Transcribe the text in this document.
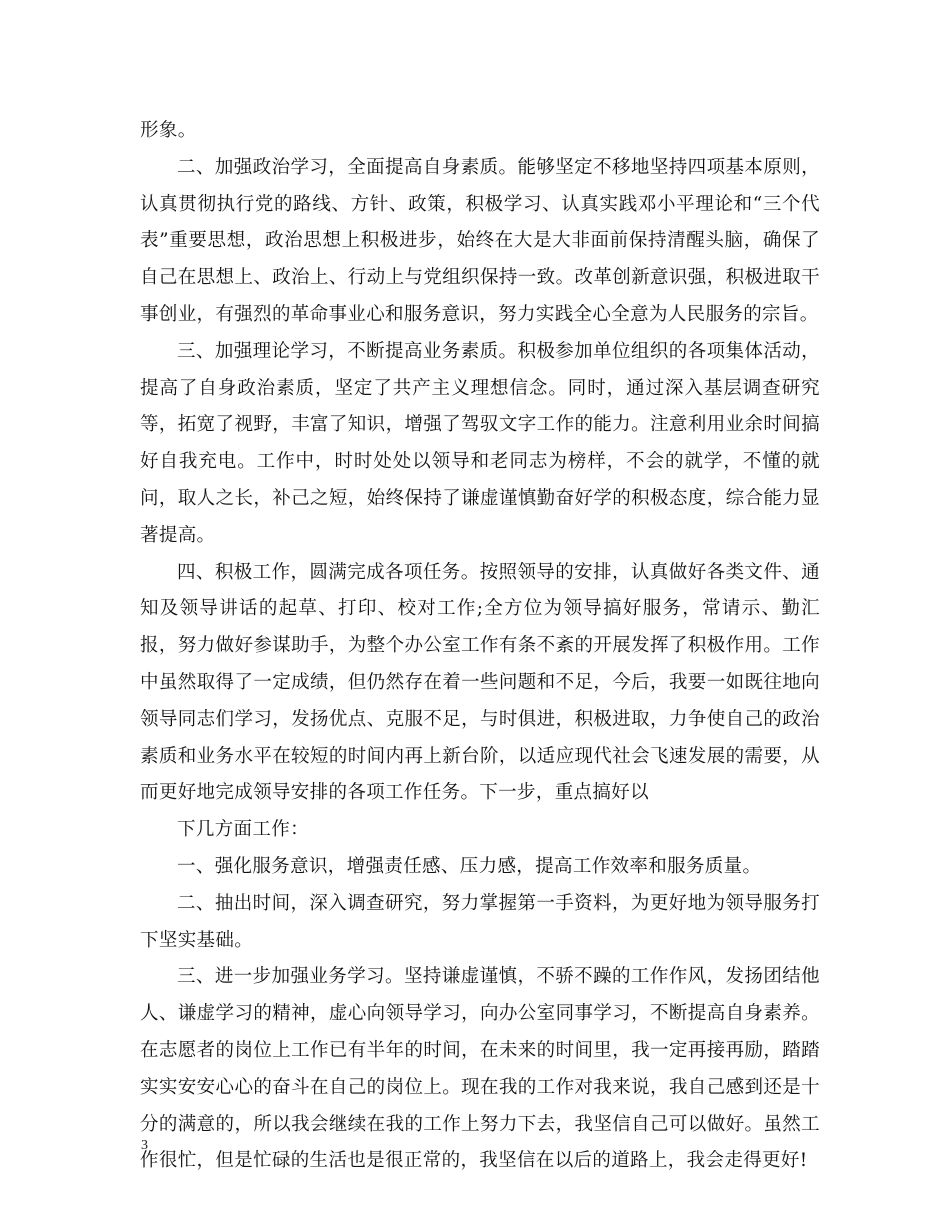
形象。

二、加强政治学习，全面提高自身素质。能够坚定不移地坚持四项基本原则，认真贯彻执行党的路线、方针、政策，积极学习、认真实践邓小平理论和“三个代表”重要思想，政治思想上积极进步，始终在大是大非面前保持清醒头脑，确保了自己在思想上、政治上、行动上与党组织保持一致。改革创新意识强，积极进取干事创业，有强烈的革命事业心和服务意识，努力实践全心全意为人民服务的宗旨。

三、加强理论学习，不断提高业务素质。积极参加单位组织的各项集体活动，提高了自身政治素质，坚定了共产主义理想信念。同时，通过深入基层调查研究等，拓宽了视野，丰富了知识，增强了驾驭文字工作的能力。注意利用业余时间搞好自我充电。工作中，时时处处以领导和老同志为榜样，不会的就学，不懂的就问，取人之长，补己之短，始终保持了谦虚谨慎勤奋好学的积极态度，综合能力显著提高。

四、积极工作，圆满完成各项任务。按照领导的安排，认真做好各类文件、通知及领导讲话的起草、打印、校对工作;全方位为领导搞好服务，常请示、勤汇报，努力做好参谋助手，为整个办公室工作有条不紊的开展发挥了积极作用。工作中虽然取得了一定成绩，但仍然存在着一些问题和不足，今后，我要一如既往地向领导同志们学习，发扬优点、克服不足，与时俱进，积极进取，力争使自己的政治素质和业务水平在较短的时间内再上新台阶，以适应现代社会飞速发展的需要，从而更好地完成领导安排的各项工作任务。下一步，重点搞好以

下几方面工作：

一、强化服务意识，增强责任感、压力感，提高工作效率和服务质量。

二、抽出时间，深入调查研究，努力掌握第一手资料，为更好地为领导服务打下坚实基础。

三、进一步加强业务学习。坚持谦虚谨慎，不骄不躁的工作作风，发扬团结他人、谦虚学习的精神，虚心向领导学习，向办公室同事学习，不断提高自身素养。在志愿者的岗位上工作已有半年的时间，在未来的时间里，我一定再接再励，踏踏实实安安心心的奋斗在自己的岗位上。现在我的工作对我来说，我自己感到还是十分的满意的，所以我会继续在我的工作上努力下去，我坚信自己可以做好。虽然工作很忙，但是忙碌的生活也是很正常的，我坚信在以后的道路上，我会走得更好!

3
